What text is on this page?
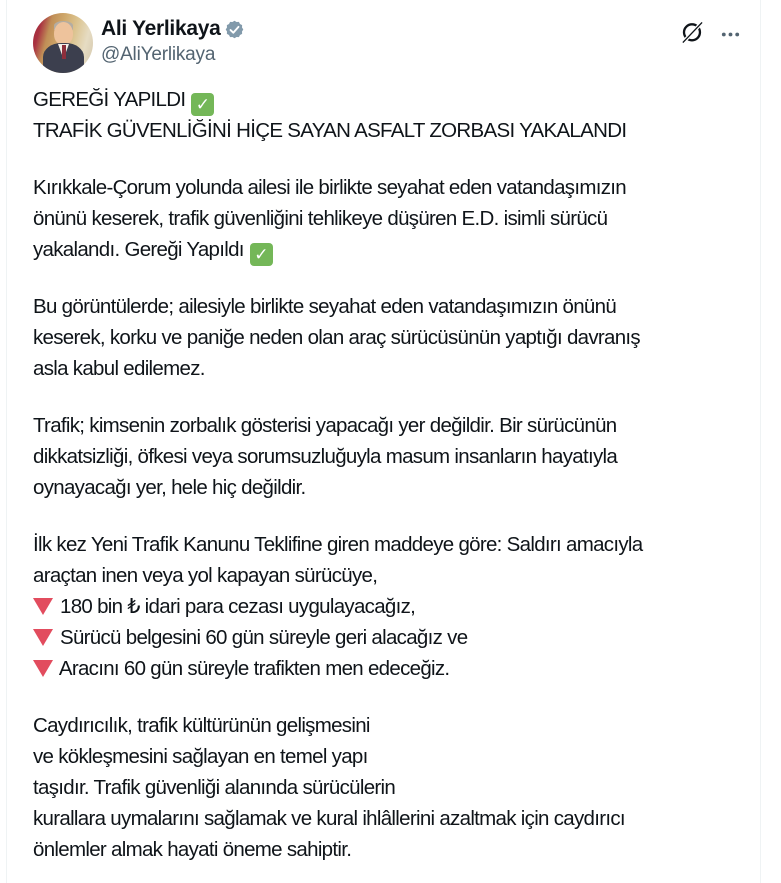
Ali Yerlikaya
@AliYerlikaya
GEREĞİ YAPILDI ✓
TRAFİK GÜVENLİĞİNİ HİÇE SAYAN ASFALT ZORBASI YAKALANDI
Kırıkkale-Çorum yolunda ailesi ile birlikte seyahat eden vatandaşımızın
önünü keserek, trafik güvenliğini tehlikeye düşüren E.D. isimli sürücü
yakalandı. Gereği Yapıldı ✓
Bu görüntülerde; ailesiyle birlikte seyahat eden vatandaşımızın önünü
keserek, korku ve paniğe neden olan araç sürücüsünün yaptığı davranış
asla kabul edilemez.
Trafik; kimsenin zorbalık gösterisi yapacağı yer değildir. Bir sürücünün
dikkatsizliği, öfkesi veya sorumsuzluğuyla masum insanların hayatıyla
oynayacağı yer, hele hiç değildir.
İlk kez Yeni Trafik Kanunu Teklifine giren maddeye göre: Saldırı amacıyla
araçtan inen veya yol kapayan sürücüye,
180 bin ₺ idari para cezası uygulayacağız,
Sürücü belgesini 60 gün süreyle geri alacağız ve
Aracını 60 gün süreyle trafikten men edeceğiz.
Caydırıcılık, trafik kültürünün gelişmesini
ve kökleşmesini sağlayan en temel yapı
taşıdır. Trafik güvenliği alanında sürücülerin
kurallara uymalarını sağlamak ve kural ihlâllerini azaltmak için caydırıcı
önlemler almak hayati öneme sahiptir.
